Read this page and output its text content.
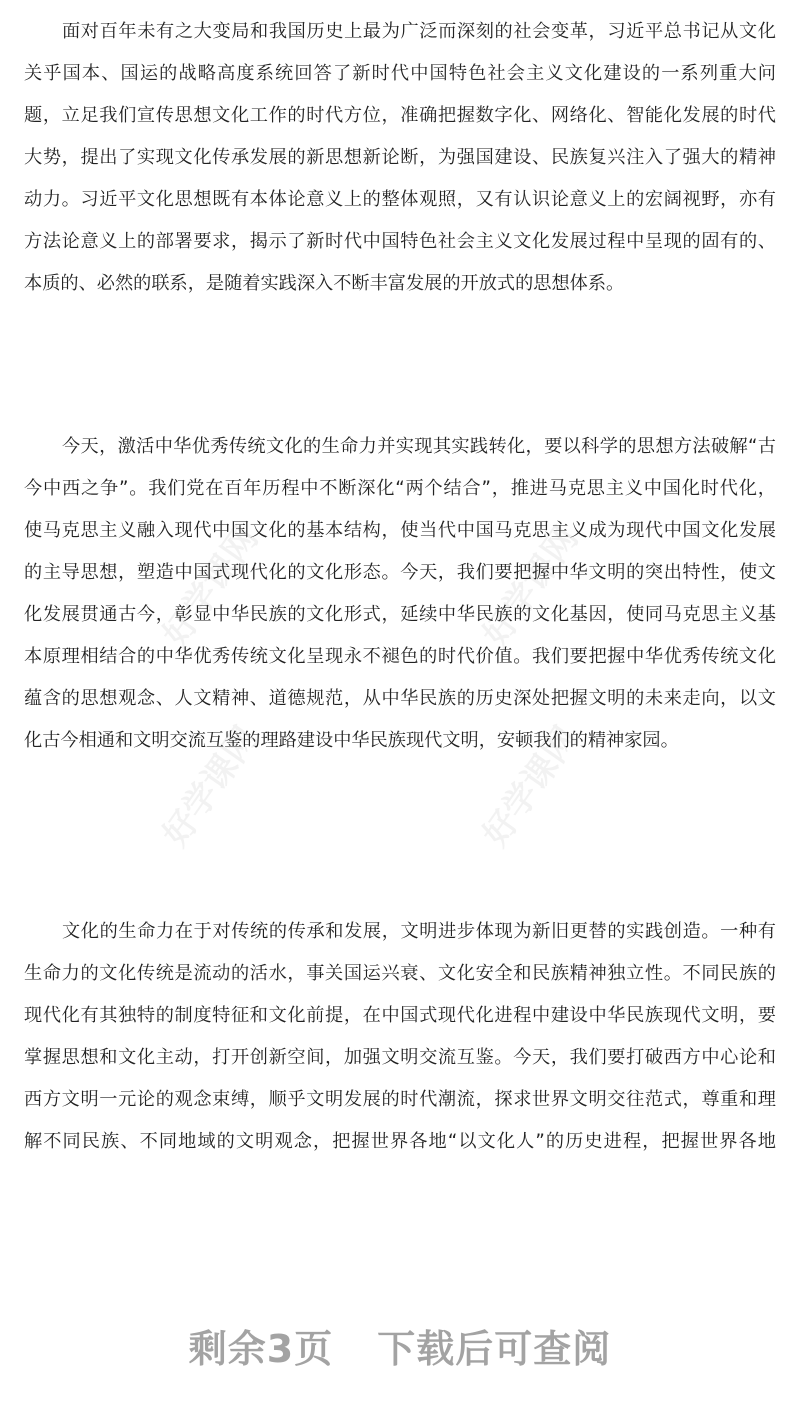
好学课网	好学课网
好学课网	好学课网
面对百年未有之大变局和我国历史上最为广泛而深刻的社会变革，习近平总书记从文化
关乎国本、国运的战略高度系统回答了新时代中国特色社会主义文化建设的一系列重大问
题，立足我们宣传思想文化工作的时代方位，准确把握数字化、网络化、智能化发展的时代
大势，提出了实现文化传承发展的新思想新论断，为强国建设、民族复兴注入了强大的精神
动力。习近平文化思想既有本体论意义上的整体观照，又有认识论意义上的宏阔视野，亦有
方法论意义上的部署要求，揭示了新时代中国特色社会主义文化发展过程中呈现的固有的、
本质的、必然的联系，是随着实践深入不断丰富发展的开放式的思想体系。
今天，激活中华优秀传统文化的生命力并实现其实践转化，要以科学的思想方法破解“古
今中西之争”。我们党在百年历程中不断深化“两个结合”，推进马克思主义中国化时代化，
使马克思主义融入现代中国文化的基本结构，使当代中国马克思主义成为现代中国文化发展
的主导思想，塑造中国式现代化的文化形态。今天，我们要把握中华文明的突出特性，使文
化发展贯通古今，彰显中华民族的文化形式，延续中华民族的文化基因，使同马克思主义基
本原理相结合的中华优秀传统文化呈现永不褪色的时代价值。我们要把握中华优秀传统文化
蕴含的思想观念、人文精神、道德规范，从中华民族的历史深处把握文明的未来走向，以文
化古今相通和文明交流互鉴的理路建设中华民族现代文明，安顿我们的精神家园。
文化的生命力在于对传统的传承和发展，文明进步体现为新旧更替的实践创造。一种有
生命力的文化传统是流动的活水，事关国运兴衰、文化安全和民族精神独立性。不同民族的
现代化有其独特的制度特征和文化前提，在中国式现代化进程中建设中华民族现代文明，要
掌握思想和文化主动，打开创新空间，加强文明交流互鉴。今天，我们要打破西方中心论和
西方文明一元论的观念束缚，顺乎文明发展的时代潮流，探求世界文明交往范式，尊重和理
解不同民族、不同地域的文明观念，把握世界各地“以文化人”的历史进程，把握世界各地
剩余3页 下载后可查阅
